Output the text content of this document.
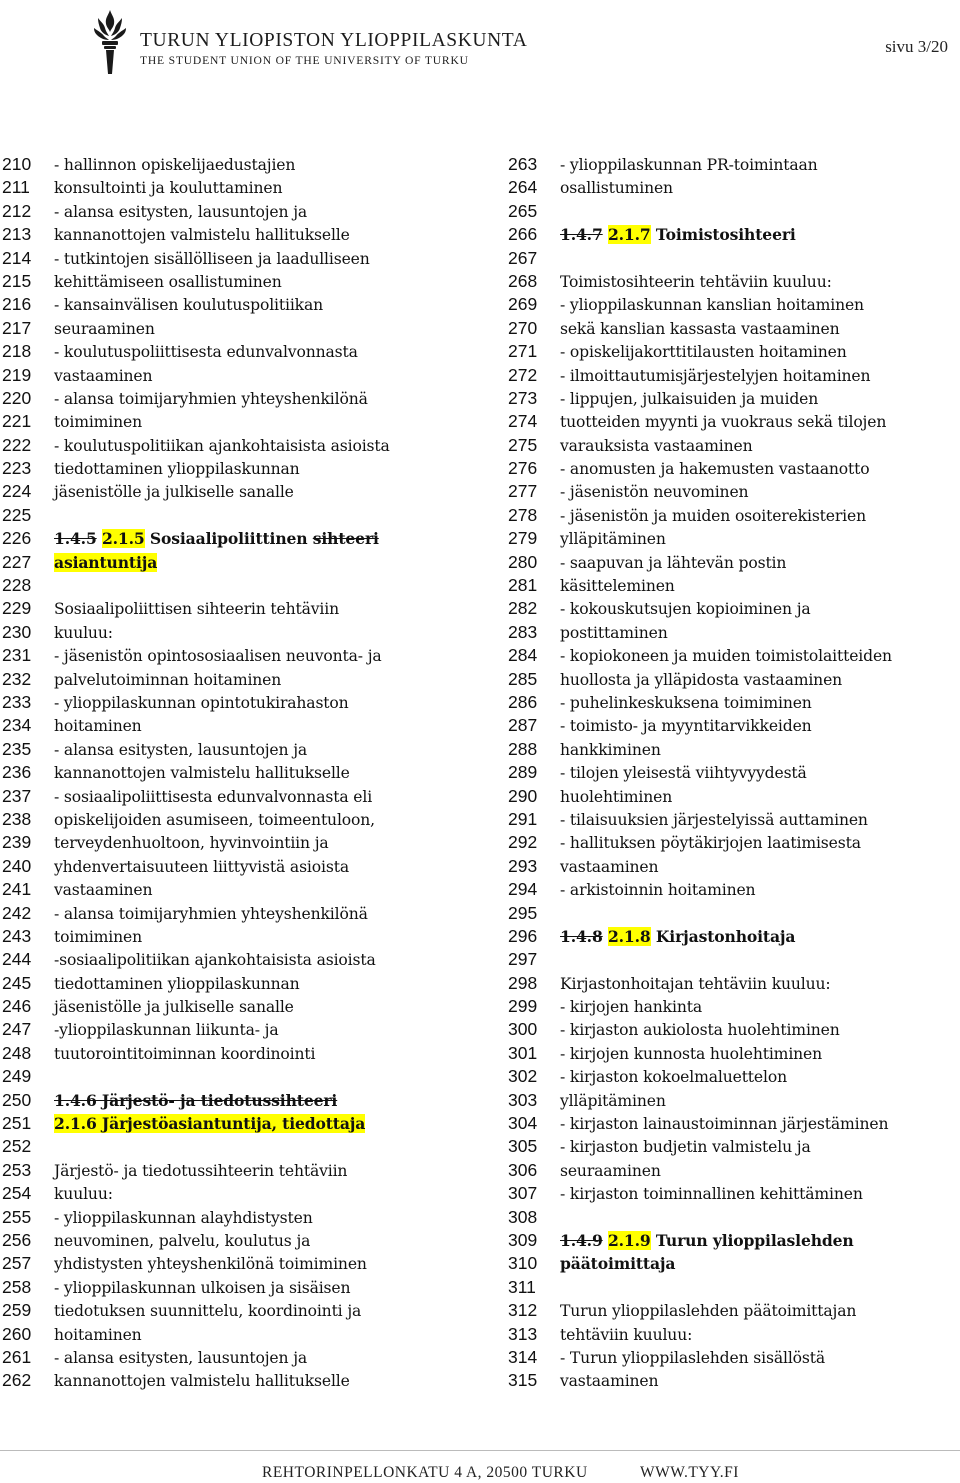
TURUN YLIOPISTON YLIOPPILASKUNTA
THE STUDENT UNION OF THE UNIVERSITY OF TURKU
sivu 3/20
210 - hallinnon opiskelijaedustajien
211 konsultointi ja kouluttaminen
212 - alansa esitysten, lausuntojen ja
213 kannanottojen valmistelu hallitukselle
214 - tutkintojen sisällölliseen ja laadulliseen
215 kehittämiseen osallistuminen
216 - kansainvälisen koulutuspolitiikan
217 seuraaminen
218 - koulutuspoliittisesta edunvalvonnasta
219 vastaaminen
220 - alansa toimijaryhmien yhteyshenkilönä
221 toimiminen
222 - koulutuspolitiikan ajankohtaisista asioista
223 tiedottaminen ylioppilaskunnan
224 jäsenistölle ja julkiselle sanalle
225
226 1.4.5 2.1.5 Sosiaalipoliittinen sihteeri
227 asiantuntija
228
229 Sosiaalipoliittisen sihteerin tehtäviin
230 kuuluu:
231 - jäsenistön opintososiaalisen neuvonta- ja
232 palvelutoiminnan hoitaminen
233 - ylioppilaskunnan opintotukirahaston
234 hoitaminen
235 - alansa esitysten, lausuntojen ja
236 kannanottojen valmistelu hallitukselle
237 - sosiaalipoliittisesta edunvalvonnasta eli
238 opiskelijoiden asumiseen, toimeentuloon,
239 terveydenhuoltoon, hyvinvointiin ja
240 yhdenvertaisuuteen liittyvistä asioista
241 vastaaminen
242 - alansa toimijaryhmien yhteyshenkilönä
243 toimiminen
244 -sosiaalipolitiikan ajankohtaisista asioista
245 tiedottaminen ylioppilaskunnan
246 jäsenistölle ja julkiselle sanalle
247 -ylioppilaskunnan liikunta- ja
248 tuutorointitoiminnan koordinointi
249
250 1.4.6 Järjestö- ja tiedotussihteeri
251 2.1.6 Järjestöasiantuntija, tiedottaja
252
253 Järjestö- ja tiedotussihteerin tehtäviin
254 kuuluu:
255 - ylioppilaskunnan alayhdistysten
256 neuvominen, palvelu, koulutus ja
257 yhdistysten yhteyshenkilönä toimiminen
258 - ylioppilaskunnan ulkoisen ja sisäisen
259 tiedotuksen suunnittelu, koordinointi ja
260 hoitaminen
261 - alansa esitysten, lausuntojen ja
262 kannanottojen valmistelu hallitukselle
263 - ylioppilaskunnan PR-toimintaan
264 osallistuminen
265
266 1.4.7 2.1.7 Toimistosihteeri
267
268 Toimistosihteerin tehtäviin kuuluu:
269 - ylioppilaskunnan kanslian hoitaminen
270 sekä kanslian kassasta vastaaminen
271 - opiskelijakorttitilausten hoitaminen
272 - ilmoittautumisjärjestelyjen hoitaminen
273 - lippujen, julkaisuiden ja muiden
274 tuotteiden myynti ja vuokraus sekä tilojen
275 varauksista vastaaminen
276 - anomusten ja hakemusten vastaanotto
277 - jäsenistön neuvominen
278 - jäsenistön ja muiden osoiterekisterien
279 ylläpitäminen
280 - saapuvan ja lähtevän postin
281 käsitteleminen
282 - kokouskutsujen kopioiminen ja
283 postittaminen
284 - kopiokoneen ja muiden toimistolaitteiden
285 huollosta ja ylläpidosta vastaaminen
286 - puhelinkeskuksena toimiminen
287 - toimisto- ja myyntitarvikkeiden
288 hankkiminen
289 - tilojen yleisestä viihtyvyydestä
290 huolehtiminen
291 - tilaisuuksien järjestelyissä auttaminen
292 - hallituksen pöytäkirjojen laatimisesta
293 vastaaminen
294 - arkistoinnin hoitaminen
295
296 1.4.8 2.1.8 Kirjastonhoitaja
297
298 Kirjastonhoitajan tehtäviin kuuluu:
299 - kirjojen hankinta
300 - kirjaston aukiolosta huolehtiminen
301 - kirjojen kunnosta huolehtiminen
302 - kirjaston kokoelmaluettelon
303 ylläpitäminen
304 - kirjaston lainaustoiminnan järjestäminen
305 - kirjaston budjetin valmistelu ja
306 seuraaminen
307 - kirjaston toiminnallinen kehittäminen
308
309 1.4.9 2.1.9 Turun ylioppilaslehden
310 päätoimittaja
311
312 Turun ylioppilaslehden päätoimittajan
313 tehtäviin kuuluu:
314 - Turun ylioppilaslehden sisällöstä
315 vastaaminen
REHTORINPELLONKATU 4 A, 20500 TURKU	WWW.TYY.FI
